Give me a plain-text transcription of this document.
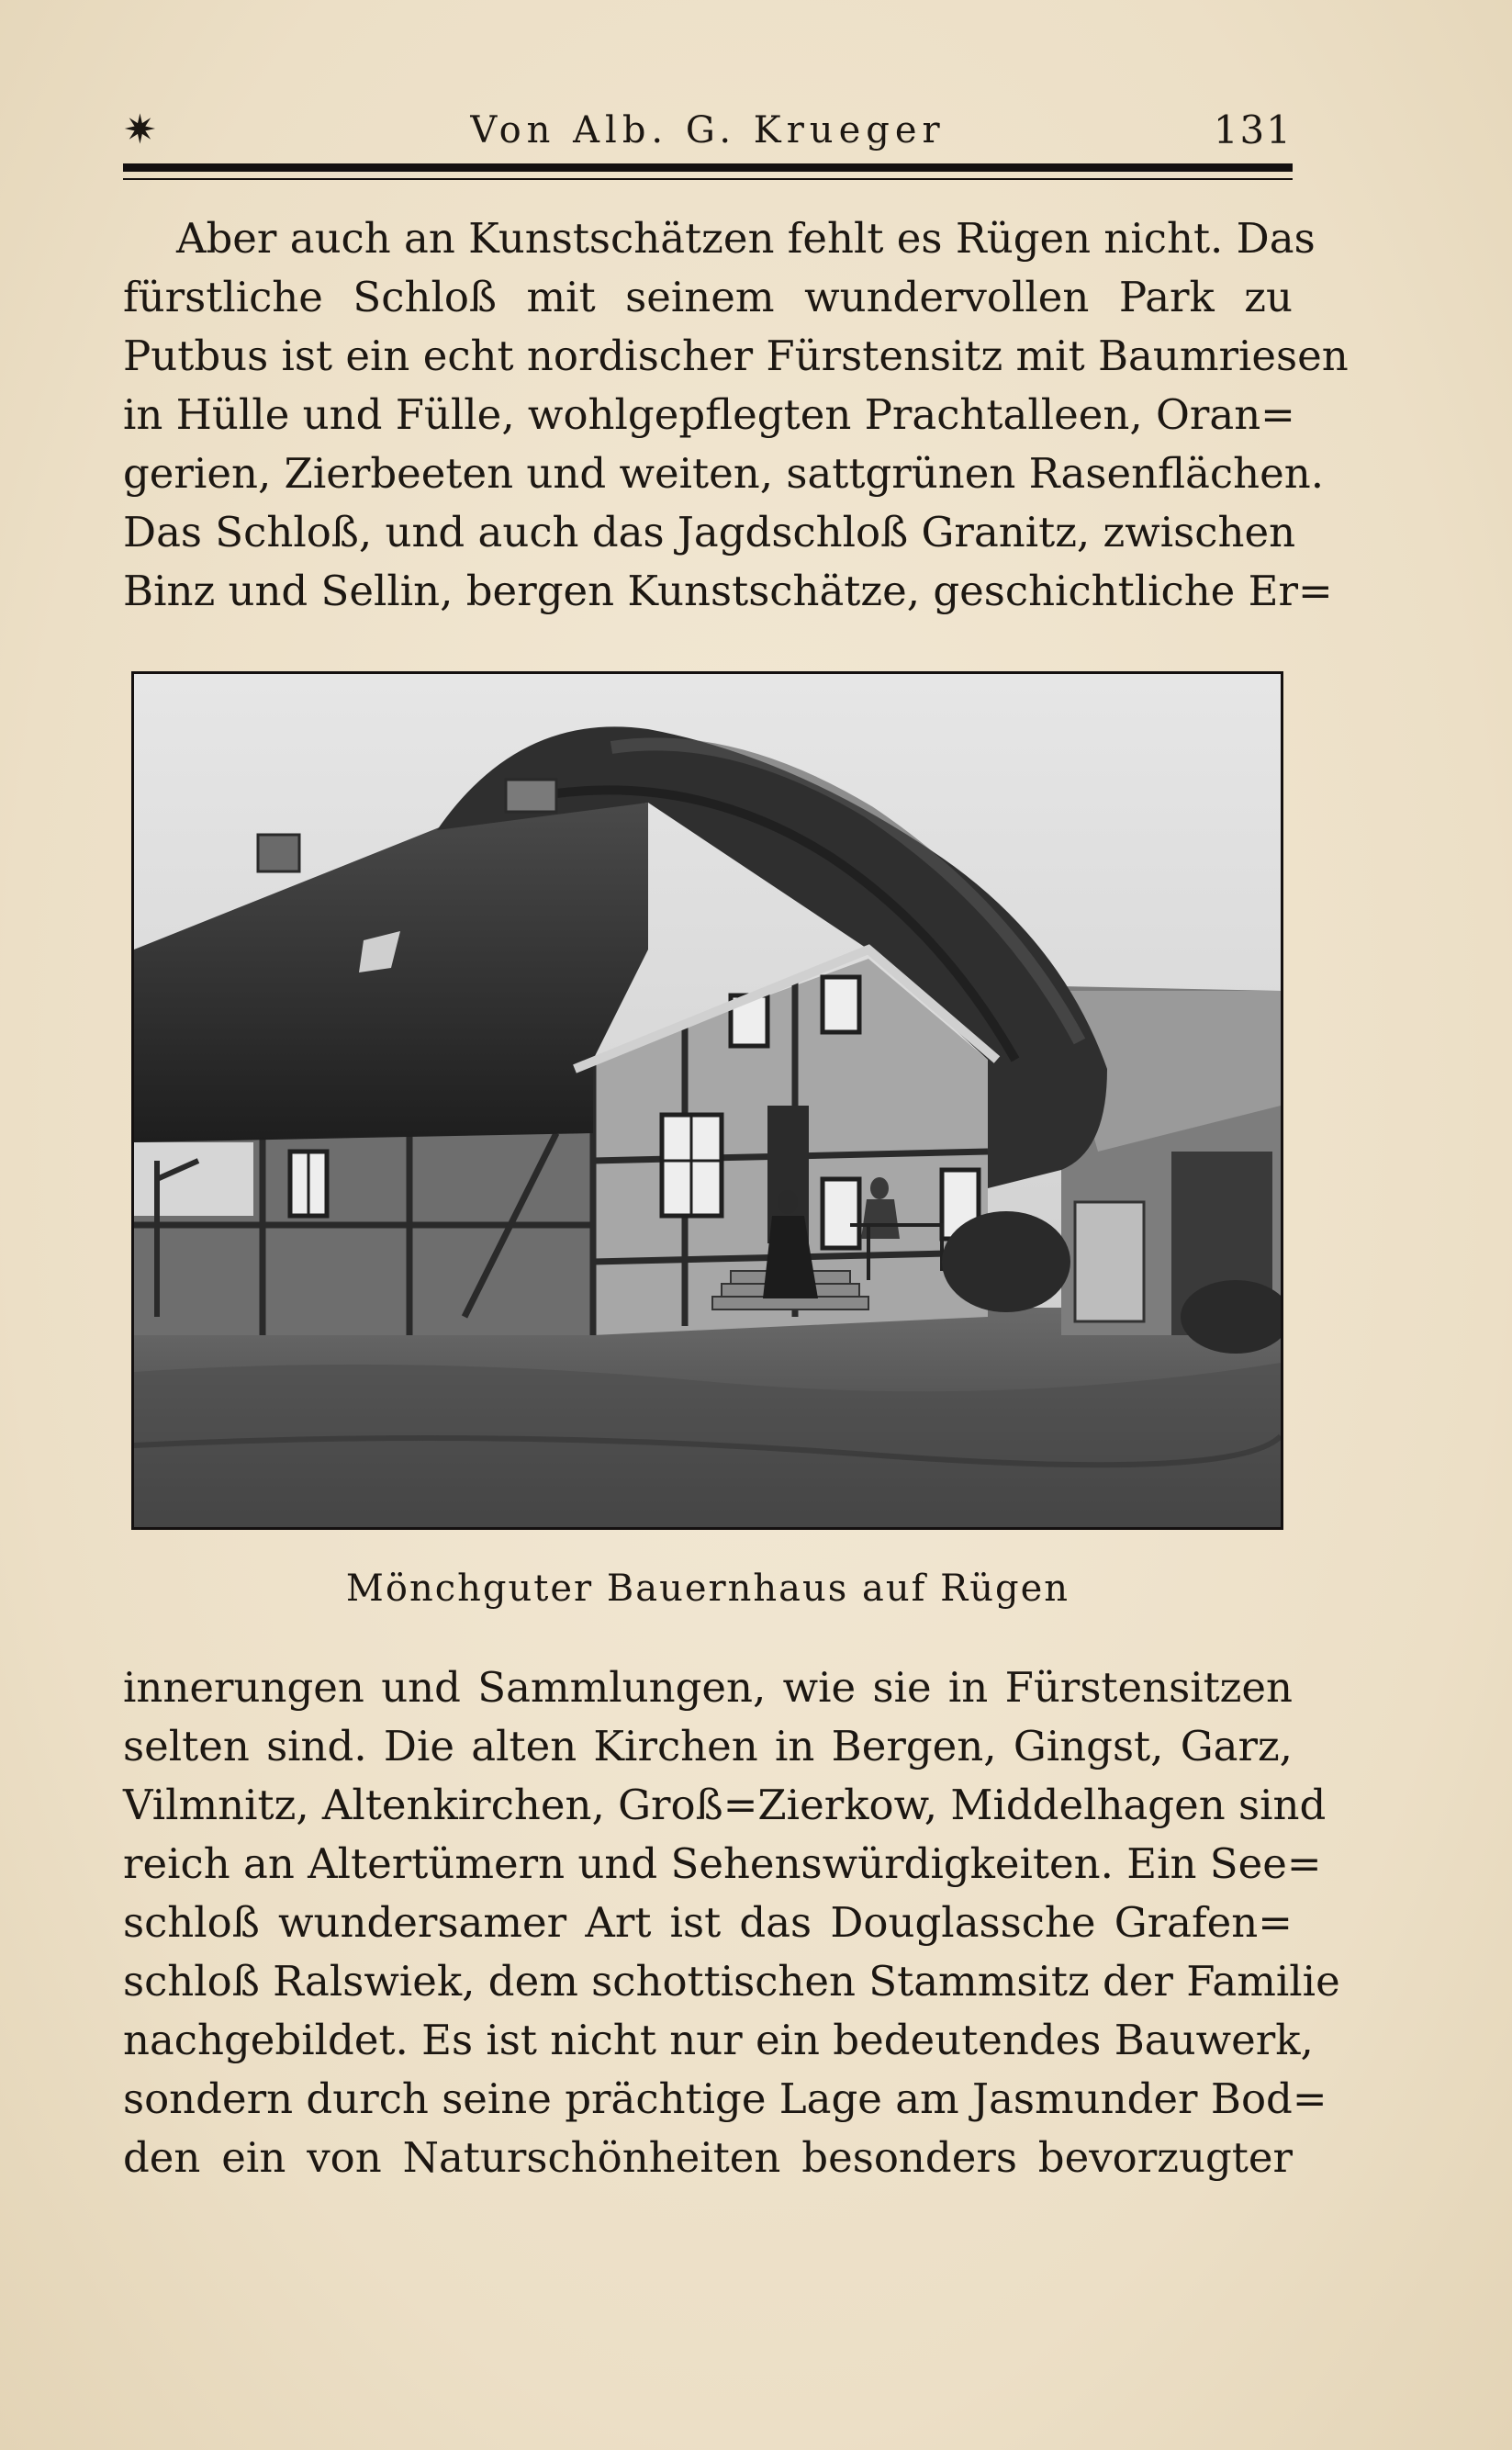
✷	Von Alb. G. Krueger	131
Aber auch an Kunstschätzen fehlt es Rügen nicht. Das
fürstliche Schloß mit seinem wundervollen Park zu
Putbus ist ein echt nordischer Fürstensitz mit Baumriesen
in Hülle und Fülle, wohlgepflegten Prachtalleen, Oran=
gerien, Zierbeeten und weiten, sattgrünen Rasenflächen.
Das Schloß, und auch das Jagdschloß Granitz, zwischen
Binz und Sellin, bergen Kunstschätze, geschichtliche Er=
Mönchguter Bauernhaus auf Rügen
innerungen und Sammlungen, wie sie in Fürstensitzen
selten sind. Die alten Kirchen in Bergen, Gingst, Garz,
Vilmnitz, Altenkirchen, Groß=Zierkow, Middelhagen sind
reich an Altertümern und Sehenswürdigkeiten. Ein See=
schloß wundersamer Art ist das Douglassche Grafen=
schloß Ralswiek, dem schottischen Stammsitz der Familie
nachgebildet. Es ist nicht nur ein bedeutendes Bauwerk,
sondern durch seine prächtige Lage am Jasmunder Bod=
den ein von Naturschönheiten besonders bevorzugter
